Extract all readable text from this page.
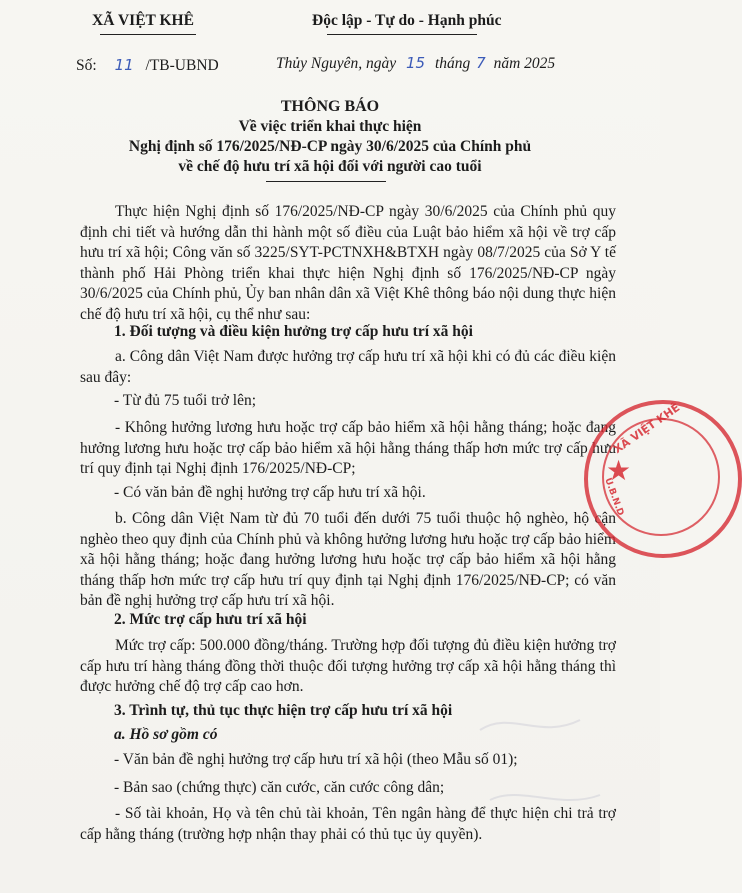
XÃ VIỆT KHÊ	Độc lập - Tự do - Hạnh phúc
Số: 11 /TB-UBND	Thủy Nguyên, ngày 15 tháng 7 năm 2025
THÔNG BÁO
Về việc triển khai thực hiện
Nghị định số 176/2025/NĐ-CP ngày 30/6/2025 của Chính phủ
về chế độ hưu trí xã hội đối với người cao tuổi
Thực hiện Nghị định số 176/2025/NĐ-CP ngày 30/6/2025 của Chính phủ quy định chi tiết và hướng dẫn thi hành một số điều của Luật bảo hiểm xã hội về trợ cấp hưu trí xã hội; Công văn số 3225/SYT-PCTNXH&BTXH ngày 08/7/2025 của Sở Y tế thành phố Hải Phòng triển khai thực hiện Nghị định số 176/2025/NĐ-CP ngày 30/6/2025 của Chính phủ, Ủy ban nhân dân xã Việt Khê thông báo nội dung thực hiện chế độ hưu trí xã hội, cụ thể như sau:
1. Đối tượng và điều kiện hưởng trợ cấp hưu trí xã hội
a. Công dân Việt Nam được hưởng trợ cấp hưu trí xã hội khi có đủ các điều kiện sau đây:
- Từ đủ 75 tuổi trở lên;
- Không hưởng lương hưu hoặc trợ cấp bảo hiểm xã hội hằng tháng; hoặc đang hưởng lương hưu hoặc trợ cấp bảo hiểm xã hội hằng tháng thấp hơn mức trợ cấp hưu trí quy định tại Nghị định 176/2025/NĐ-CP;
- Có văn bản đề nghị hưởng trợ cấp hưu trí xã hội.
b. Công dân Việt Nam từ đủ 70 tuổi đến dưới 75 tuổi thuộc hộ nghèo, hộ cận nghèo theo quy định của Chính phủ và không hưởng lương hưu hoặc trợ cấp bảo hiểm xã hội hằng tháng; hoặc đang hưởng lương hưu hoặc trợ cấp bảo hiểm xã hội hằng tháng thấp hơn mức trợ cấp hưu trí quy định tại Nghị định 176/2025/NĐ-CP; có văn bản đề nghị hưởng trợ cấp hưu trí xã hội.
2. Mức trợ cấp hưu trí xã hội
Mức trợ cấp: 500.000 đồng/tháng. Trường hợp đối tượng đủ điều kiện hưởng trợ cấp hưu trí hàng tháng đồng thời thuộc đối tượng hưởng trợ cấp xã hội hằng tháng thì được hưởng chế độ trợ cấp cao hơn.
3. Trình tự, thủ tục thực hiện trợ cấp hưu trí xã hội
a. Hồ sơ gồm có
- Văn bản đề nghị hưởng trợ cấp hưu trí xã hội (theo Mẫu số 01);
- Bản sao (chứng thực) căn cước, căn cước công dân;
- Số tài khoản, Họ và tên chủ tài khoản, Tên ngân hàng để thực hiện chi trả trợ cấp hằng tháng (trường hợp nhận thay phải có thủ tục ủy quyền).
★
XÃ VIỆT KHÊ
U.B.N.D
